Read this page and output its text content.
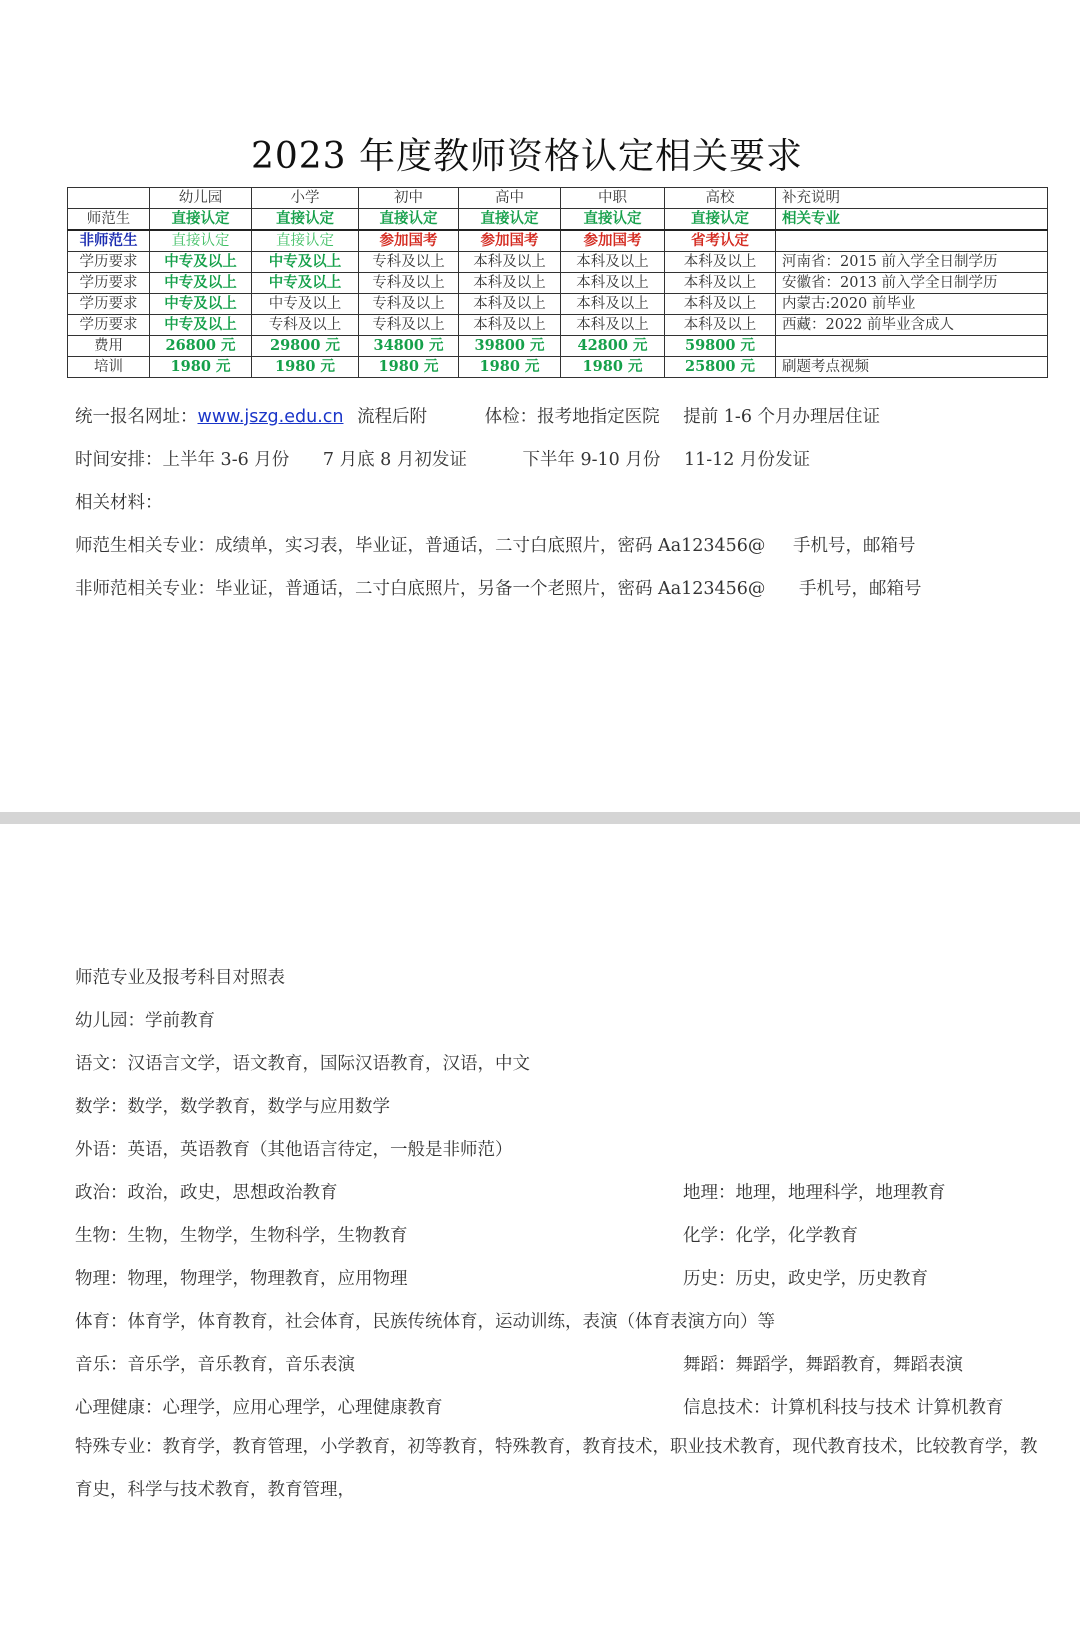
2023 年度教师资格认定相关要求
	幼儿园	小学	初中	高中	中职	高校	补充说明
师范生	直接认定	直接认定	直接认定	直接认定	直接认定	直接认定	相关专业
非师范生	直接认定	直接认定	参加国考	参加国考	参加国考	省考认定	
学历要求	中专及以上	中专及以上	专科及以上	本科及以上	本科及以上	本科及以上	河南省：2015 前入学全日制学历
学历要求	中专及以上	中专及以上	专科及以上	本科及以上	本科及以上	本科及以上	安徽省：2013 前入学全日制学历
学历要求	中专及以上	中专及以上	专科及以上	本科及以上	本科及以上	本科及以上	内蒙古:2020 前毕业
学历要求	中专及以上	专科及以上	专科及以上	本科及以上	本科及以上	本科及以上	西藏：2022 前毕业含成人
费用	26800 元	29800 元	34800 元	39800 元	42800 元	59800 元	
培训	1980 元	1980 元	1980 元	1980 元	1980 元	25800 元	刷题考点视频
统一报名网址：www.jszg.edu.cn 流程后附	体检：报考地指定医院 提前 1-6 个月办理居住证
时间安排：上半年 3-6 月份 7 月底 8 月初发证	下半年 9-10 月份 11-12 月份发证
相关材料：
师范生相关专业：成绩单，实习表，毕业证，普通话，二寸白底照片，密码 Aa123456@ 手机号，邮箱号
非师范相关专业：毕业证，普通话，二寸白底照片，另备一个老照片，密码 Aa123456@ 手机号，邮箱号
师范专业及报考科目对照表
幼儿园：学前教育
语文：汉语言文学，语文教育，国际汉语教育，汉语，中文
数学：数学，数学教育，数学与应用数学
外语：英语，英语教育（其他语言待定，一般是非师范）
政治：政治，政史，思想政治教育	地理：地理，地理科学，地理教育
生物：生物，生物学，生物科学，生物教育	化学：化学，化学教育
物理：物理，物理学，物理教育，应用物理	历史：历史，政史学，历史教育
体育：体育学，体育教育，社会体育，民族传统体育，运动训练，表演（体育表演方向）等
音乐：音乐学，音乐教育，音乐表演	舞蹈：舞蹈学，舞蹈教育，舞蹈表演
心理健康：心理学，应用心理学，心理健康教育	信息技术：计算机科技与技术 计算机教育
特殊专业：教育学，教育管理，小学教育，初等教育，特殊教育，教育技术，职业技术教育，现代教育技术，比较教育学，教育史，科学与技术教育，教育管理，
